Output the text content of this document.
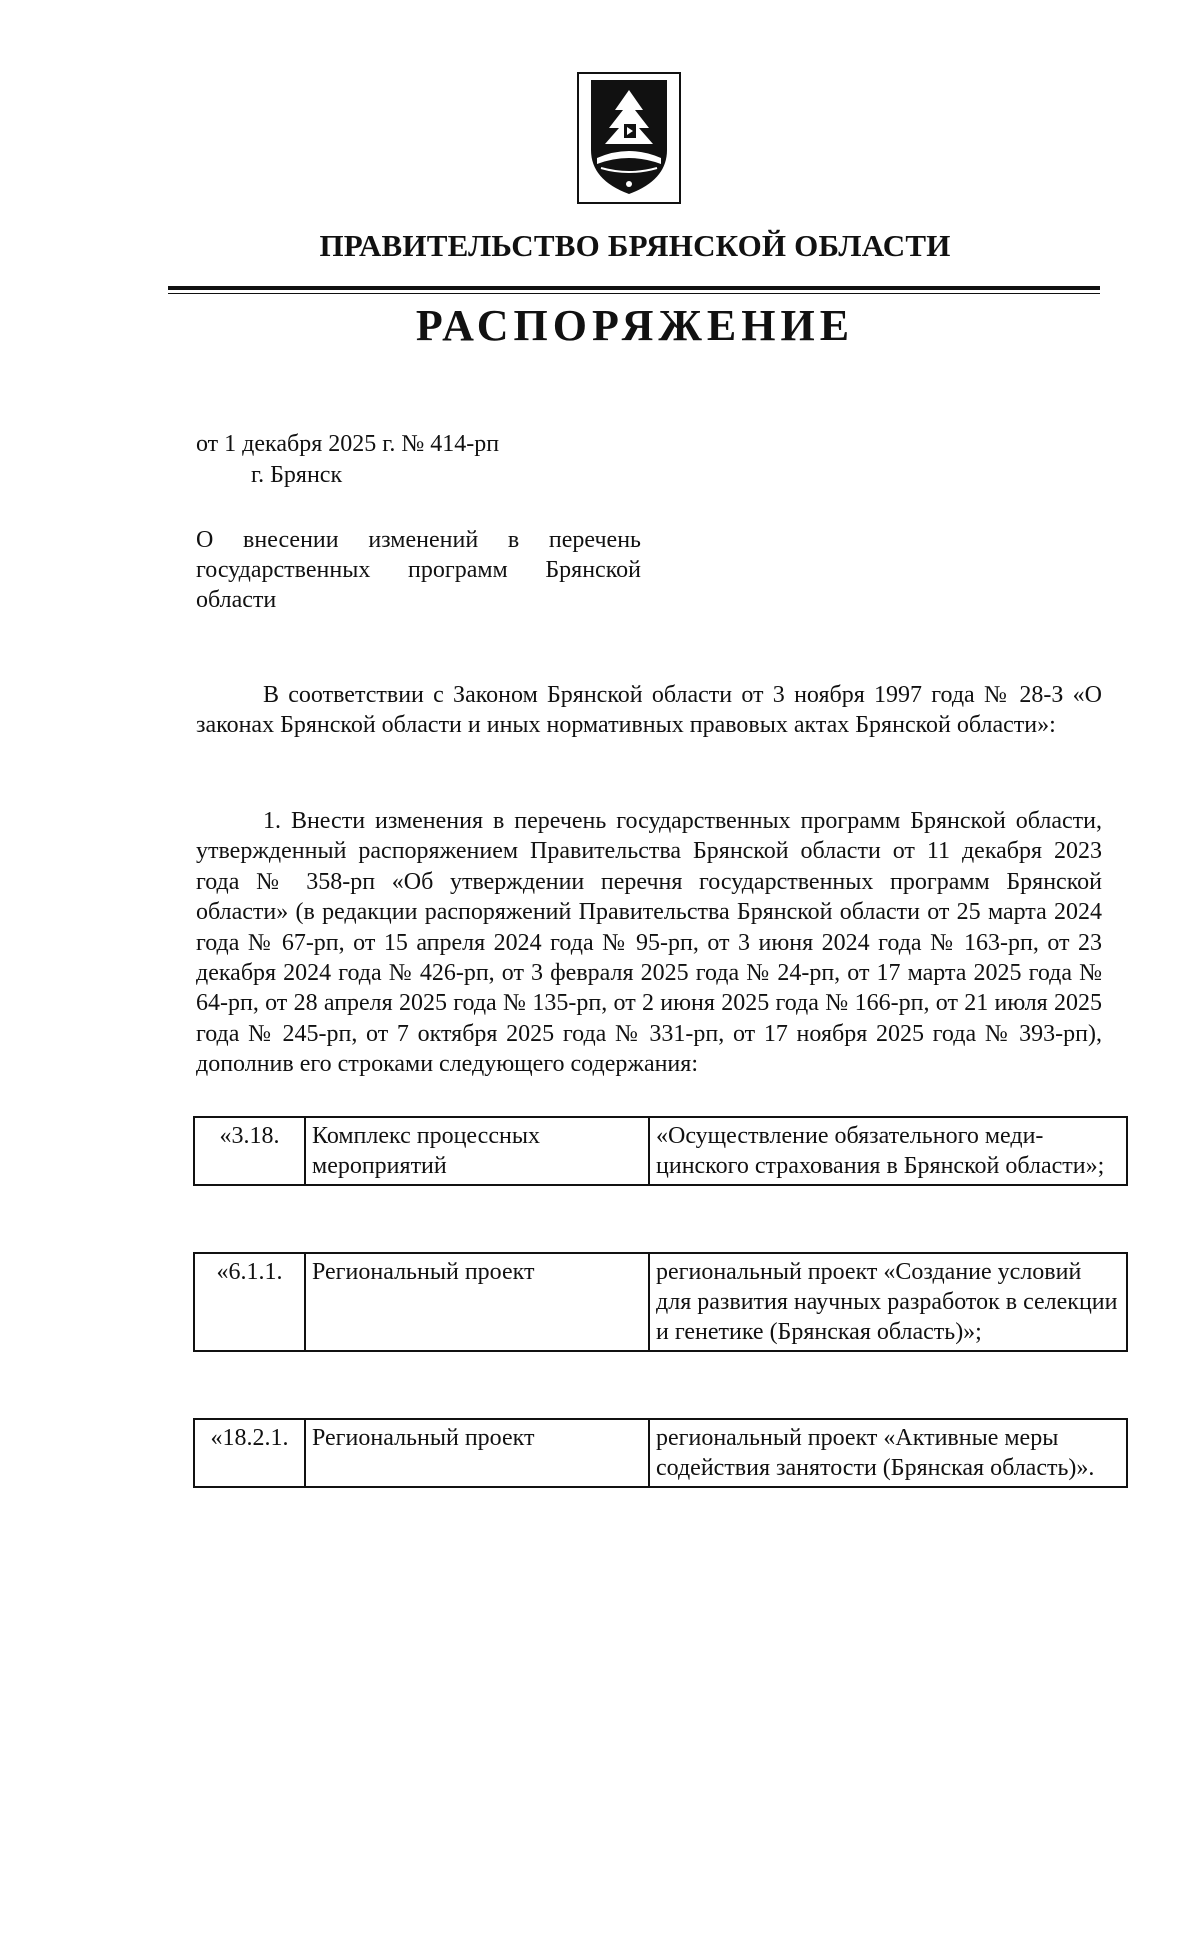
ПРАВИТЕЛЬСТВО БРЯНСКОЙ ОБЛАСТИ
РАСПОРЯЖЕНИЕ
от 1 декабря 2025 г. № 414-рп
г. Брянск
О внесении изменений в перечень государственных программ Брянской области

В соответствии с Законом Брянской области от 3 ноября 1997 года № 28-З «О законах Брянской области и иных нормативных правовых актах Брянской области»:

1. Внести изменения в перечень государственных программ Брянской области, утвержденный распоряжением Правительства Брянской области от 11 декабря 2023 года № 358-рп «Об утверждении перечня государственных программ Брянской области» (в редакции распоряжений Правительства Брянской области от 25 марта 2024 года № 67-рп, от 15 апреля 2024 года № 95-рп, от 3 июня 2024 года № 163-рп, от 23 декабря 2024 года № 426-рп, от 3 февраля 2025 года № 24-рп, от 17 марта 2025 года № 64-рп, от 28 апреля 2025 года № 135-рп, от 2 июня 2025 года № 166-рп, от 21 июля 2025 года № 245-рп, от 7 октября 2025 года № 331-рп, от 17 ноября 2025 года № 393-рп), дополнив его строками следующего содержания:

«3.18.	Комплекс процессных мероприятий	«Осуществление обязательного меди-цинского страхования в Брянской области»;
«6.1.1.	Региональный проект	региональный проект «Создание условий для развития научных разработок в селекции и генетике (Брянская область)»;
«18.2.1.	Региональный проект	региональный проект «Активные меры содействия занятости (Брянская область)».
